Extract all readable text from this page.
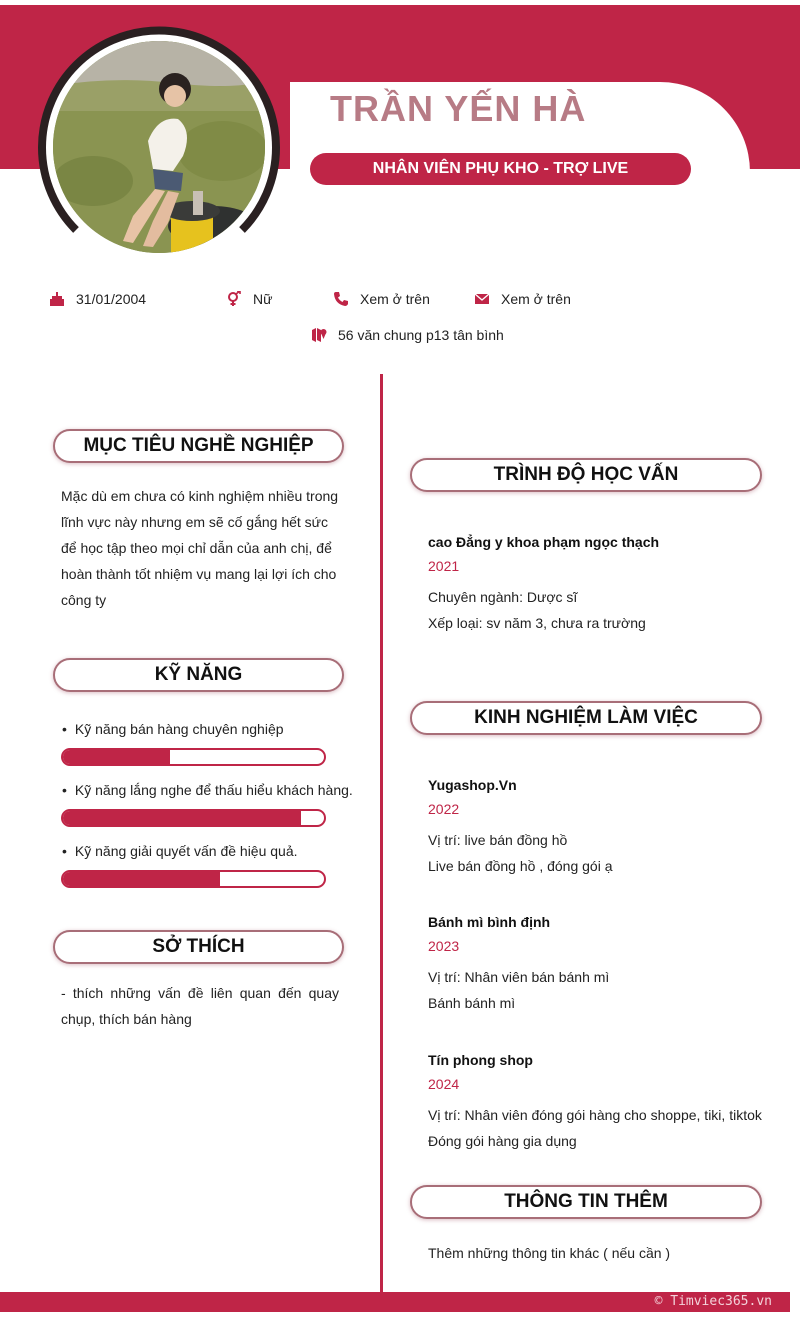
TRẦN YẾN HÀ
NHÂN VIÊN PHỤ KHO - TRỢ LIVE
31/01/2004	Nữ	Xem ở trên	Xem ở trên
56 văn chung p13 tân bình
MỤC TIÊU NGHỀ NGHIỆP
Mặc dù em chưa có kinh nghiệm nhiều trong lĩnh vực này nhưng em sẽ cố gắng hết sức để học tập theo mọi chỉ dẫn của anh chị, để hoàn thành tốt nhiệm vụ mang lại lợi ích cho công ty
KỸ NĂNG
• Kỹ năng bán hàng chuyên nghiệp
• Kỹ năng lắng nghe để thấu hiểu khách hàng.
• Kỹ năng giải quyết vấn đề hiệu quả.
SỞ THÍCH
- thích những vấn đề liên quan đến quay chụp, thích bán hàng
TRÌNH ĐỘ HỌC VẤN
cao Đẳng y khoa phạm ngọc thạch
2021
Chuyên ngành: Dược sĩ
Xếp loại: sv năm 3, chưa ra trường
KINH NGHIỆM LÀM VIỆC
Yugashop.Vn
2022
Vị trí: live bán đồng hồ
Live bán đồng hồ , đóng gói ạ
Bánh mì bình định
2023
Vị trí: Nhân viên bán bánh mì
Bánh bánh mì
Tín phong shop
2024
Vị trí: Nhân viên đóng gói hàng cho shoppe, tiki, tiktok
Đóng gói hàng gia dụng
THÔNG TIN THÊM
Thêm những thông tin khác ( nếu cần )
© Timviec365.vn
